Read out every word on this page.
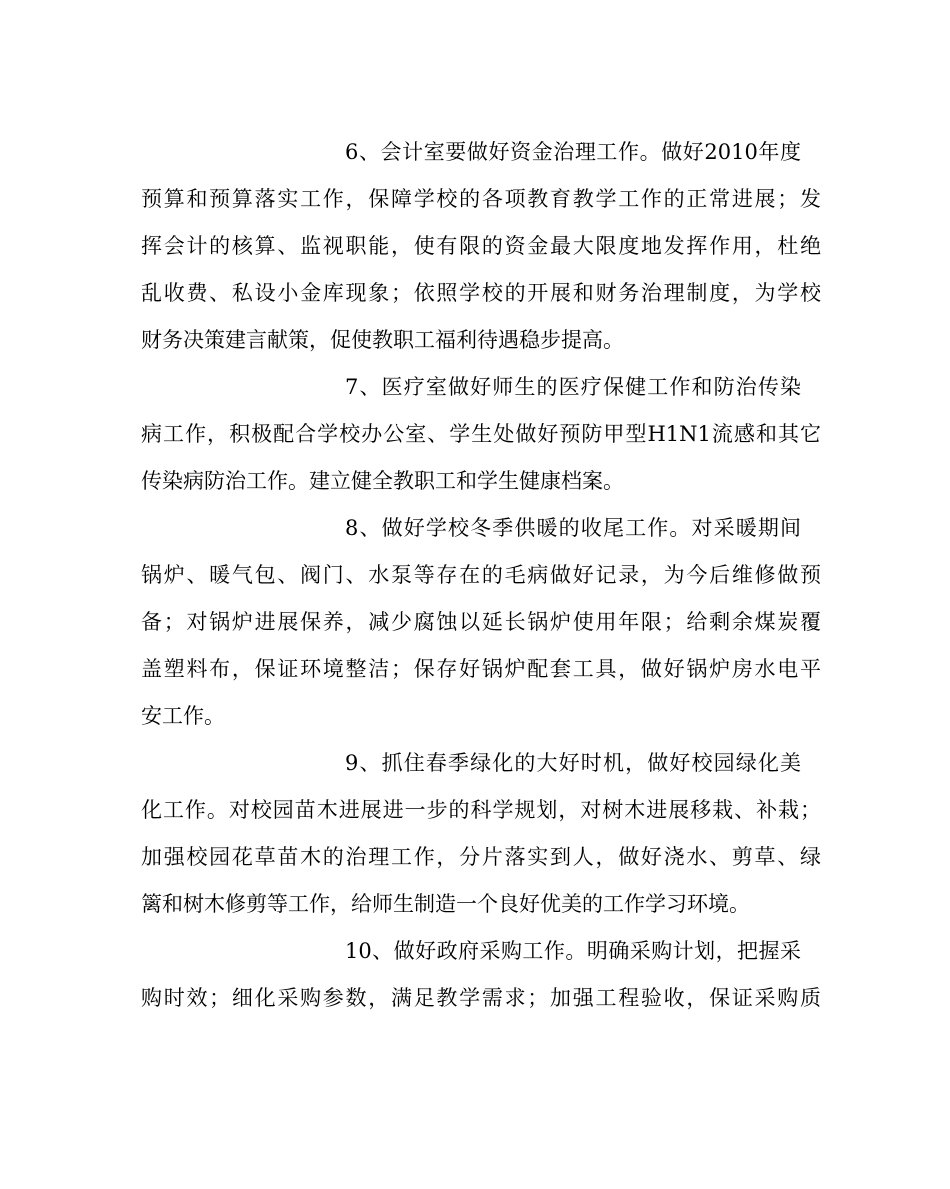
6、会计室要做好资金治理工作。做好2010年度
预算和预算落实工作，保障学校的各项教育教学工作的正常进展；发
挥会计的核算、监视职能，使有限的资金最大限度地发挥作用，杜绝
乱收费、私设小金库现象；依照学校的开展和财务治理制度，为学校
财务决策建言献策，促使教职工福利待遇稳步提高。
7、医疗室做好师生的医疗保健工作和防治传染
病工作，积极配合学校办公室、学生处做好预防甲型H1N1流感和其它
传染病防治工作。建立健全教职工和学生健康档案。
8、做好学校冬季供暖的收尾工作。对采暖期间
锅炉、暖气包、阀门、水泵等存在的毛病做好记录，为今后维修做预
备；对锅炉进展保养，减少腐蚀以延长锅炉使用年限；给剩余煤炭覆
盖塑料布，保证环境整洁；保存好锅炉配套工具，做好锅炉房水电平
安工作。
9、抓住春季绿化的大好时机，做好校园绿化美
化工作。对校园苗木进展进一步的科学规划，对树木进展移栽、补栽；
加强校园花草苗木的治理工作，分片落实到人，做好浇水、剪草、绿
篱和树木修剪等工作，给师生制造一个良好优美的工作学习环境。
10、做好政府采购工作。明确采购计划，把握采
购时效；细化采购参数，满足教学需求；加强工程验收，保证采购质
